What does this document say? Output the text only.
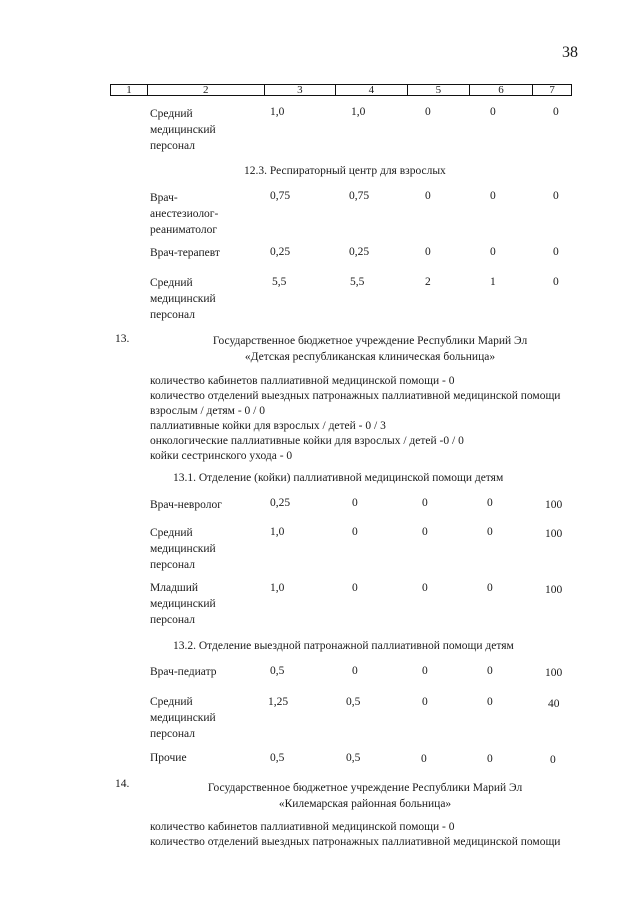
38
1	2	3	4	5	6	7
Средний
медицинский
персонал
1,0	1,0	0	0	0
12.3. Респираторный центр для взрослых
Врач-
анестезиолог-
реаниматолог
0,75	0,75	0	0	0
Врач-терапевт	0,25	0,25	0	0	0
Средний
медицинский
персонал
5,5	5,5	2	1	0
13.	Государственное бюджетное учреждение Республики Марий Эл
«Детская республиканская клиническая больница»
количество кабинетов паллиативной медицинской помощи - 0
количество отделений выездных патронажных паллиативной медицинской помощи
взрослым / детям - 0 / 0
паллиативные койки для взрослых / детей - 0 / 3
онкологические паллиативные койки для взрослых / детей -0 / 0
койки сестринского ухода - 0
13.1. Отделение (койки) паллиативной медицинской помощи детям
Врач-невролог	0,25	0	0	0	100
Средний
медицинский
персонал
1,0	0	0	0	100
Младший
медицинский
персонал
1,0	0	0	0	100
13.2. Отделение выездной патронажной паллиативной помощи детям
Врач-педиатр	0,5	0	0	0	100
Средний
медицинский
персонал
1,25	0,5	0	0	40
Прочие	0,5	0,5	0	0	0
14.	Государственное бюджетное учреждение Республики Марий Эл
«Килемарская районная больница»
количество кабинетов паллиативной медицинской помощи - 0
количество отделений выездных патронажных паллиативной медицинской помощи
